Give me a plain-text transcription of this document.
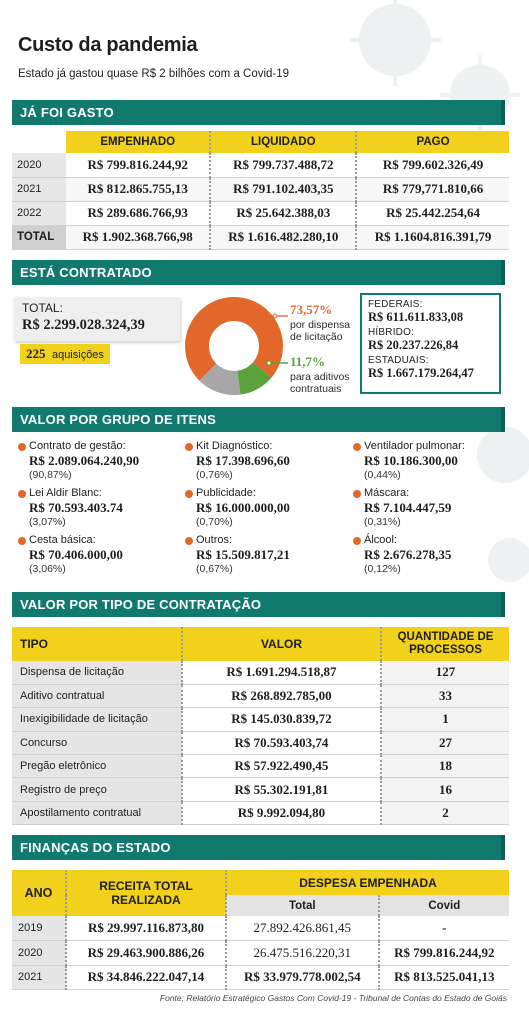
Custo da pandemia
Estado já gastou quase R$ 2 bilhões com a Covid-19
JÁ FOI GASTO
	EMPENHADO	LIQUIDADO	PAGO
2020	R$ 799.816.244,92	R$ 799.737.488,72	R$ 799.602.326,49
2021	R$ 812.865.755,13	R$ 791.102.403,35	R$ 779,771.810,66
2022	R$ 289.686.766,93	R$ 25.642.388,03	R$ 25.442.254,64
TOTAL	R$ 1.902.368.766,98	R$ 1.616.482.280,10	R$ 1.1604.816.391,79
ESTÁ CONTRATADO
TOTAL:
R$ 2.299.028.324,39
225 aquisições
73,57%
por dispensa
de licitação
11,7%
para aditivos
contratuais
FEDERAIS:
R$ 611.611.833,08
HÍBRIDO:
R$ 20.237.226,84
ESTADUAIS:
R$ 1.667.179.264,47
VALOR POR GRUPO DE ITENS
Contrato de gestão:
R$ 2.089.064.240,90
(90,87%)
Lei Aldir Blanc:
R$ 70.593.403.74
(3,07%)
Cesta básica:
R$ 70.406.000,00
(3,06%)
Kit Diagnóstico:
R$ 17.398.696,60
(0,76%)
Publicidade:
R$ 16.000.000,00
(0,70%)
Outros:
R$ 15.509.817,21
(0,67%)
Ventilador pulmonar:
R$ 10.186.300,00
(0,44%)
Máscara:
R$ 7.104.447,59
(0,31%)
Álcool:
R$ 2.676.278,35
(0,12%)
VALOR POR TIPO DE CONTRATAÇÃO
TIPO	VALOR	QUANTIDADE DE PROCESSOS
Dispensa de licitação	R$ 1.691.294.518,87	127
Aditivo contratual	R$ 268.892.785,00	33
Inexigibilidade de licitação	R$ 145.030.839,72	1
Concurso	R$ 70.593.403,74	27
Pregão eletrônico	R$ 57.922.490,45	18
Registro de preço	R$ 55.302.191,81	16
Apostilamento contratual	R$ 9.992.094,80	2
FINANÇAS DO ESTADO
ANO	RECEITA TOTAL REALIZADA	DESPESA EMPENHADA	
		Total	Covid
2019	R$ 29.997.116.873,80	27.892.426.861,45	-
2020	R$ 29.463.900.886,26	26.475.516.220,31	R$ 799.816.244,92
2021	R$ 34.846.222.047,14	R$ 33.979.778.002,54	R$ 813.525.041,13
Fonte: Relatório Estratégico Gastos Com Covid-19 - Tribunal de Contas do Estado de Goiás
